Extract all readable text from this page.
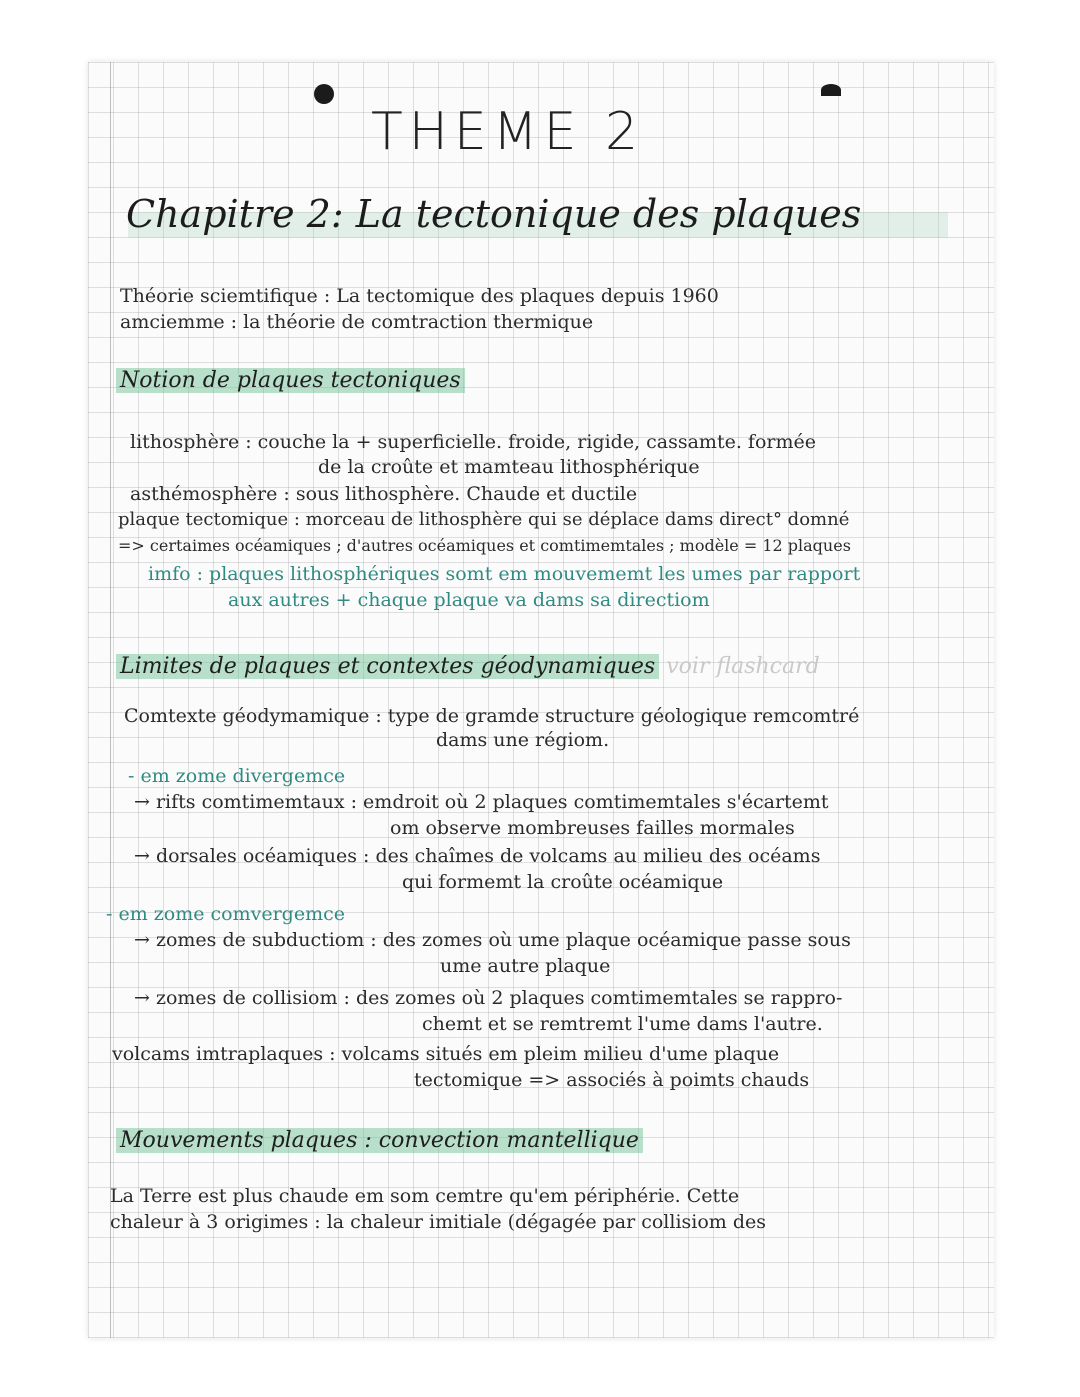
THEME 2
Chapitre 2: La tectonique des plaques
Théorie sciemtifique : La tectomique des plaques depuis 1960
amciemme : la théorie de comtraction thermique
Notion de plaques tectoniques
lithosphère : couche la + superficielle. froide, rigide, cassamte. formée
de la croûte et mamteau lithosphérique
asthémosphère : sous lithosphère. Chaude et ductile
plaque tectomique : morceau de lithosphère qui se déplace dams direct° domné
=> certaimes océamiques ; d'autres océamiques et comtimemtales ; modèle = 12 plaques
imfo : plaques lithosphériques somt em mouvememt les umes par rapport
aux autres + chaque plaque va dams sa directiom
Limites de plaques et contextes géodynamiques voir flashcard
Comtexte géodymamique : type de gramde structure géologique remcomtré
dams une régiom.
- em zome divergemce
→ rifts comtimemtaux : emdroit où 2 plaques comtimemtales s'écartemt
om observe mombreuses failles mormales
→ dorsales océamiques : des chaîmes de volcams au milieu des océams
qui formemt la croûte océamique
- em zome comvergemce
→ zomes de subductiom : des zomes où ume plaque océamique passe sous
ume autre plaque
→ zomes de collisiom : des zomes où 2 plaques comtimemtales se rappro-
chemt et se remtremt l'ume dams l'autre.
volcams imtraplaques : volcams situés em pleim milieu d'ume plaque
tectomique => associés à poimts chauds
Mouvements plaques : convection mantellique
La Terre est plus chaude em som cemtre qu'em périphérie. Cette
chaleur à 3 origimes : la chaleur imitiale (dégagée par collisiom des
